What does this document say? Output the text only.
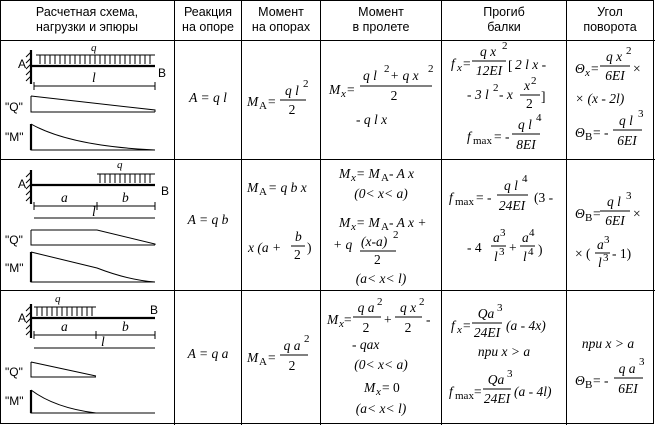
Расчетная схема,
нагрузки и эпюры
Реакция
на опоре
Момент
на опорах
Момент
в пролете
Прогиб
балки
Угол
поворота
A
q
B
l
"Q"
"M"
A
q
B
a	b
l
"Q"
"M"
A
q
B
a	b
l
"Q"
"M"
A = q l M A =
q l 2
2
M x =
q l 2 + q x 2
2
- q l x
f x =
q x 2
12EI [ 2 l x -
- 3 l 2 - x
x 2
2 ]
f max = -
q l 4
8EI
Θ x =
q x 2
6EI ×
× (x - 2l)
Θ B = -
q l 3
6EI
A = q b
M A = q b x
x (a +
b
2 )
M x = M A - A x
(0< x< a)
M x = M A - A x +
+ q (x-a) 2
2
(a< x< l)
f max = -
q l 4
24EI
(3 -
- 4
a 3
l 3 +
a 4
l 4 )
Θ B =
q l 3
6EI ×
× (
a 3
l 3 - 1)
A = q a M A =
q a 2
2
M x =
q a 2
2
+
q x 2
2
-
- qax
(0< x< a)
M x = 0
(a< x< l)
f x =
Qa 3
24EI (a - 4x)
при x > a
f max =
Qa 3
24EI (a - 4l)
при x > a
Θ B = -
q a 3
6EI
